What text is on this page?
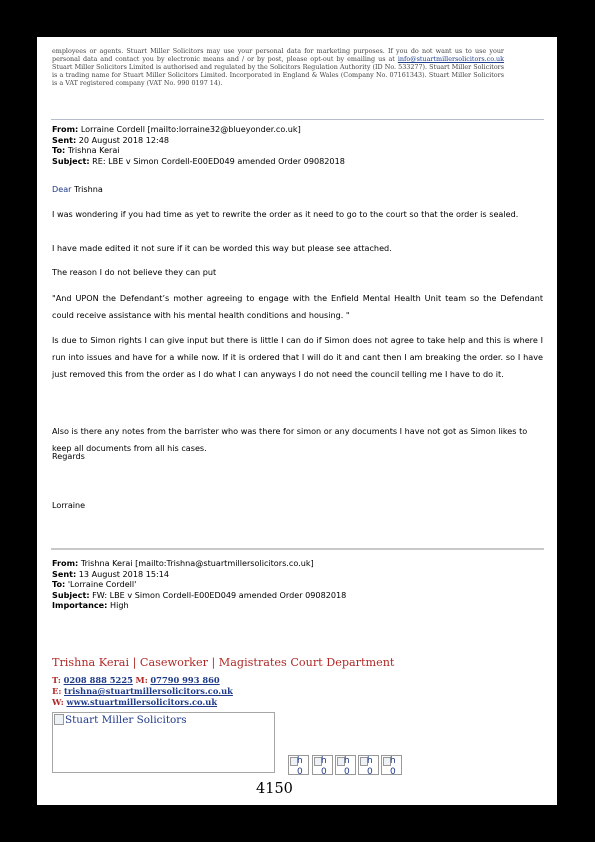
employees or agents. Stuart Miller Solicitors may use your personal data for marketing purposes. If you do not want us to use your personal data and contact you by electronic means and / or by post, please opt-out by emailing us at info@stuartmillersolicitors.co.uk Stuart Miller Solicitors Limited is authorised and regulated by the Solicitors Regulation Authority (ID No. 533277). Stuart Miller Solicitors is a trading name for Stuart Miller Solicitors Limited. Incorporated in England & Wales (Company No. 07161343). Stuart Miller Solicitors is a VAT registered company (VAT No. 990 0197 14).
From: Lorraine Cordell [mailto:lorraine32@blueyonder.co.uk]
Sent: 20 August 2018 12:48
To: Trishna Kerai
Subject: RE: LBE v Simon Cordell-E00ED049 amended Order 09082018
Dear Trishna

I was wondering if you had time as yet to rewrite the order as it need to go to the court so that the order is sealed.

I have made edited it not sure if it can be worded this way but please see attached.

The reason I do not believe they can put

"And UPON the Defendant’s mother agreeing to engage with the Enfield Mental Health Unit team so the Defendant could receive assistance with his mental health conditions and housing. "

Is due to Simon rights I can give input but there is little I can do if Simon does not agree to take help and this is where I run into issues and have for a while now. If it is ordered that I will do it and cant then I am breaking the order. so I have just removed this from the order as I do what I can anyways I do not need the council telling me I have to do it.

Also is there any notes from the barrister who was there for simon or any documents I have not got as Simon likes to keep all documents from all his cases.

Regards
Lorraine
From: Trishna Kerai [mailto:Trishna@stuartmillersolicitors.co.uk]
Sent: 13 August 2018 15:14
To: 'Lorraine Cordell'
Subject: FW: LBE v Simon Cordell-E00ED049 amended Order 09082018
Importance: High
Trishna Kerai | Caseworker | Magistrates Court Department
T: 0208 888 5225 M: 07790 993 860
E: trishna@stuartmillersolicitors.co.uk
W: www.stuartmillersolicitors.co.uk
Stuart Miller Solicitors
h0
h0
h0
h0
h0
4150
